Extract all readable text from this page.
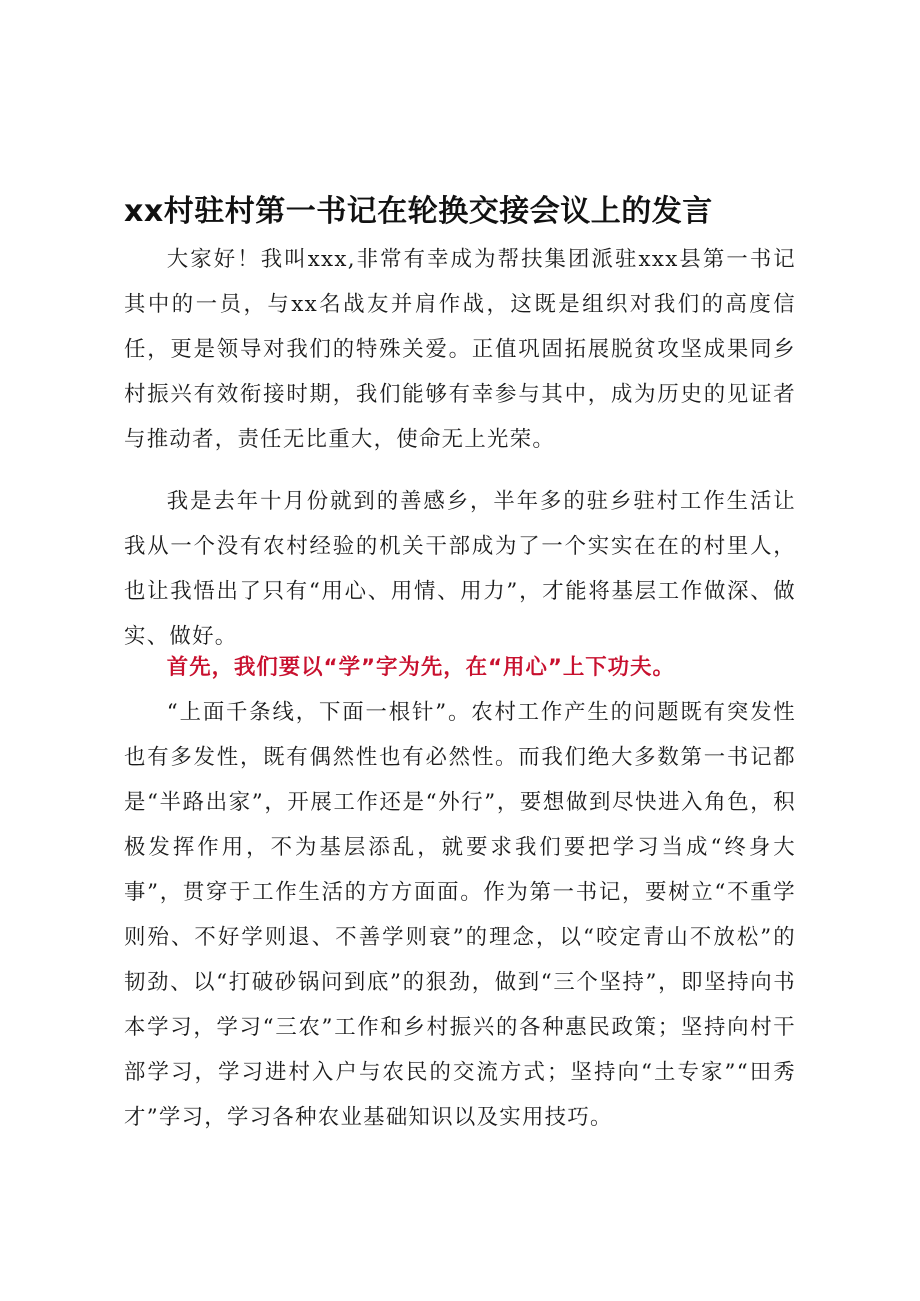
xx村驻村第一书记在轮换交接会议上的发言

大家好！我叫xxx,非常有幸成为帮扶集团派驻xxx县第一书记其中的一员，与xx名战友并肩作战，这既是组织对我们的高度信任，更是领导对我们的特殊关爱。正值巩固拓展脱贫攻坚成果同乡村振兴有效衔接时期，我们能够有幸参与其中，成为历史的见证者与推动者，责任无比重大，使命无上光荣。

我是去年十月份就到的善感乡，半年多的驻乡驻村工作生活让我从一个没有农村经验的机关干部成为了一个实实在在的村里人，也让我悟出了只有“用心、用情、用力”，才能将基层工作做深、做实、做好。

首先，我们要以“学”字为先，在“用心”上下功夫。

“上面千条线，下面一根针”。农村工作产生的问题既有突发性也有多发性，既有偶然性也有必然性。而我们绝大多数第一书记都是“半路出家”，开展工作还是“外行”，要想做到尽快进入角色，积极发挥作用，不为基层添乱，就要求我们要把学习当成“终身大事”，贯穿于工作生活的方方面面。作为第一书记，要树立“不重学则殆、不好学则退、不善学则衰”的理念，以“咬定青山不放松”的韧劲、以“打破砂锅问到底”的狠劲，做到“三个坚持”，即坚持向书本学习，学习“三农”工作和乡村振兴的各种惠民政策；坚持向村干部学习，学习进村入户与农民的交流方式；坚持向“土专家”“田秀才”学习，学习各种农业基础知识以及实用技巧。
